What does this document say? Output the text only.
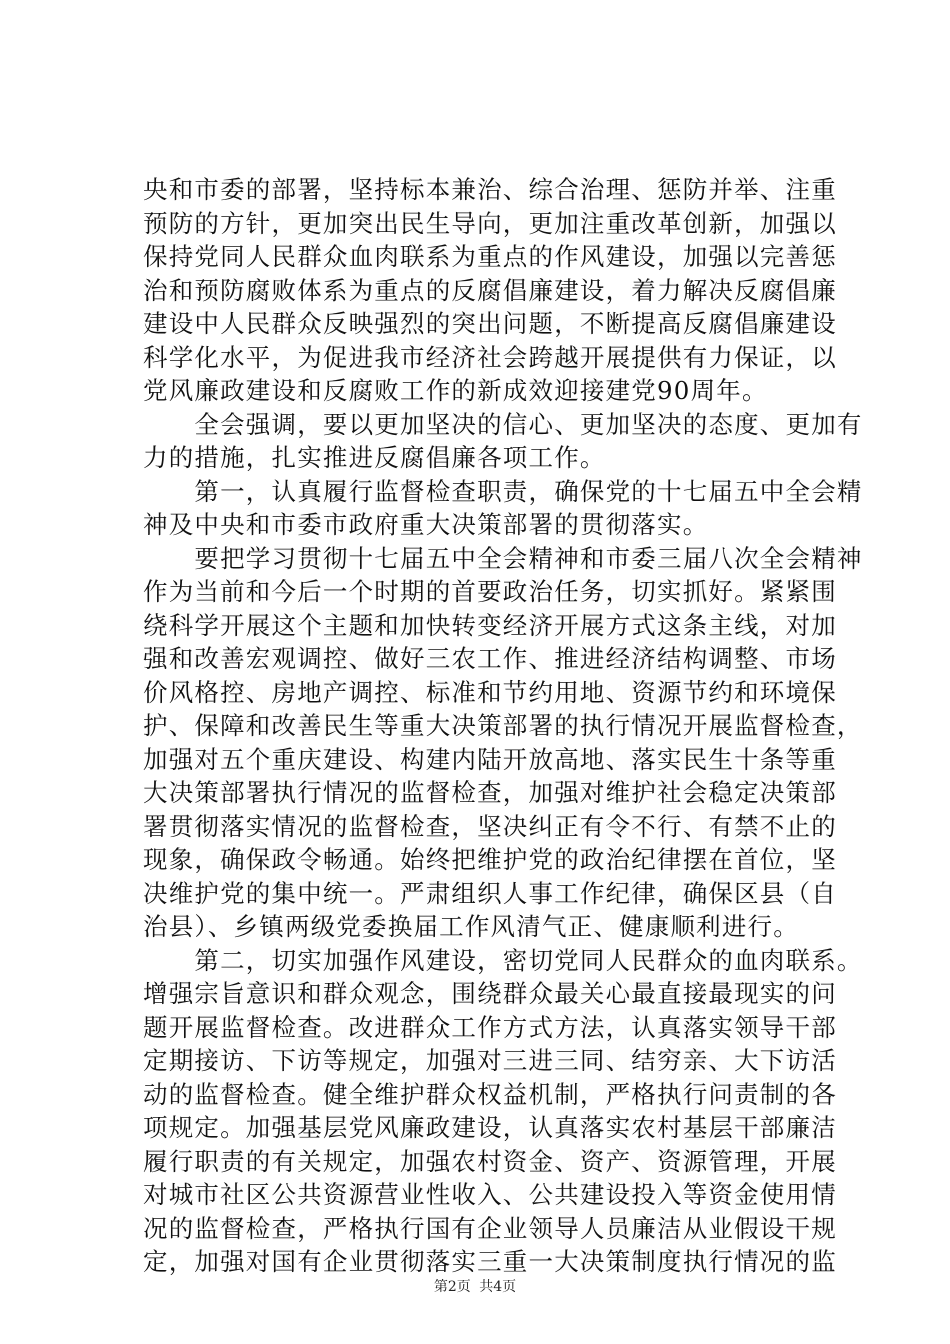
央和市委的部署，坚持标本兼治、综合治理、惩防并举、注重
预防的方针，更加突出民生导向，更加注重改革创新，加强以
保持党同人民群众血肉联系为重点的作风建设，加强以完善惩
治和预防腐败体系为重点的反腐倡廉建设，着力解决反腐倡廉
建设中人民群众反映强烈的突出问题，不断提高反腐倡廉建设
科学化水平，为促进我市经济社会跨越开展提供有力保证，以
党风廉政建设和反腐败工作的新成效迎接建党90周年。
　　全会强调，要以更加坚决的信心、更加坚决的态度、更加有
力的措施，扎实推进反腐倡廉各项工作。
　　第一，认真履行监督检查职责，确保党的十七届五中全会精
神及中央和市委市政府重大决策部署的贯彻落实。
　　要把学习贯彻十七届五中全会精神和市委三届八次全会精神
作为当前和今后一个时期的首要政治任务，切实抓好。紧紧围
绕科学开展这个主题和加快转变经济开展方式这条主线，对加
强和改善宏观调控、做好三农工作、推进经济结构调整、市场
价风格控、房地产调控、标准和节约用地、资源节约和环境保
护、保障和改善民生等重大决策部署的执行情况开展监督检查，
加强对五个重庆建设、构建内陆开放高地、落实民生十条等重
大决策部署执行情况的监督检查，加强对维护社会稳定决策部
署贯彻落实情况的监督检查，坚决纠正有令不行、有禁不止的
现象，确保政令畅通。始终把维护党的政治纪律摆在首位，坚
决维护党的集中统一。严肃组织人事工作纪律，确保区县（自
治县）、乡镇两级党委换届工作风清气正、健康顺利进行。
　　第二，切实加强作风建设，密切党同人民群众的血肉联系。
增强宗旨意识和群众观念，围绕群众最关心最直接最现实的问
题开展监督检查。改进群众工作方式方法，认真落实领导干部
定期接访、下访等规定，加强对三进三同、结穷亲、大下访活
动的监督检查。健全维护群众权益机制，严格执行问责制的各
项规定。加强基层党风廉政建设，认真落实农村基层干部廉洁
履行职责的有关规定，加强农村资金、资产、资源管理，开展
对城市社区公共资源营业性收入、公共建设投入等资金使用情
况的监督检查，严格执行国有企业领导人员廉洁从业假设干规
定，加强对国有企业贯彻落实三重一大决策制度执行情况的监
第2页 共4页
